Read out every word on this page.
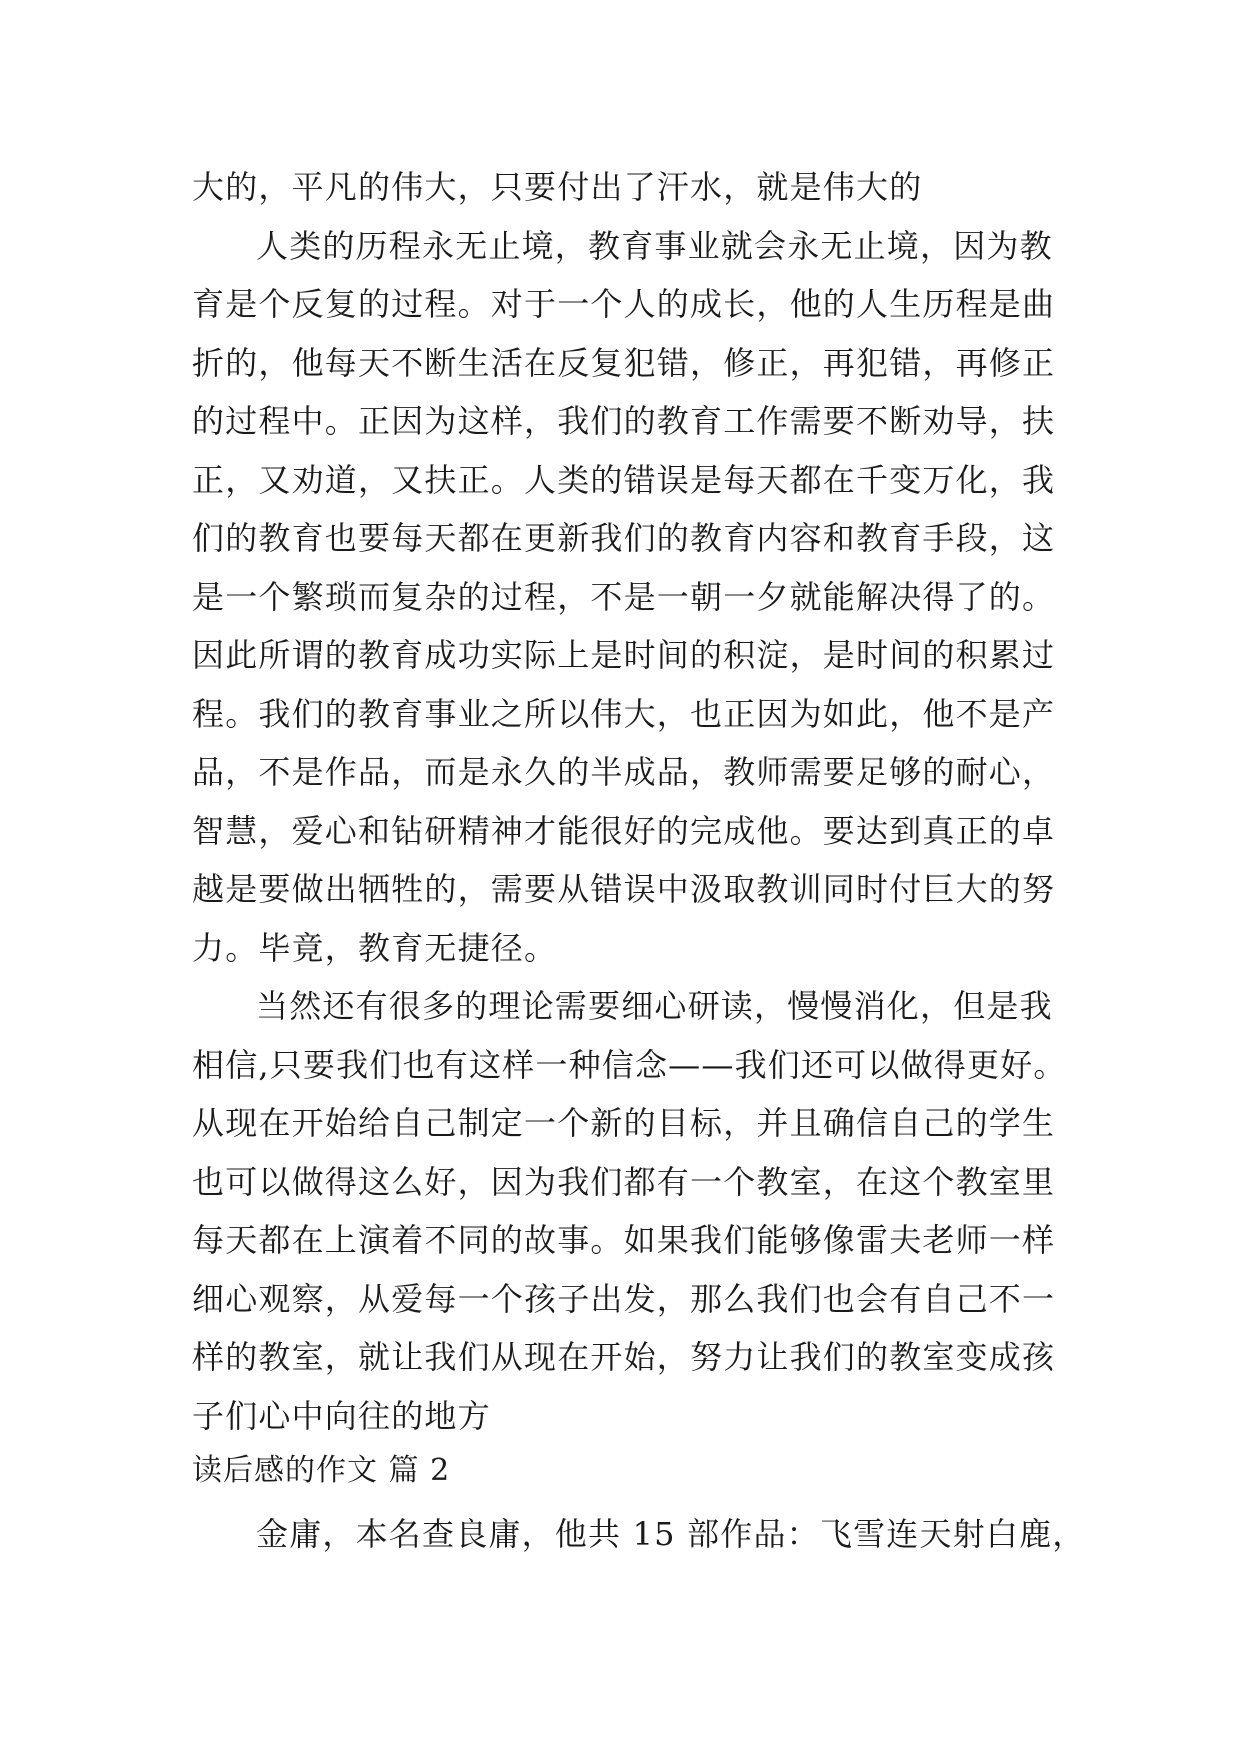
大的，平凡的伟大，只要付出了汗水，就是伟大的
人类的历程永无止境，教育事业就会永无止境，因为教
育是个反复的过程。对于一个人的成长，他的人生历程是曲
折的，他每天不断生活在反复犯错，修正，再犯错，再修正
的过程中。正因为这样，我们的教育工作需要不断劝导，扶
正，又劝道，又扶正。人类的错误是每天都在千变万化，我
们的教育也要每天都在更新我们的教育内容和教育手段，这
是一个繁琐而复杂的过程，不是一朝一夕就能解决得了的。
因此所谓的教育成功实际上是时间的积淀，是时间的积累过
程。我们的教育事业之所以伟大，也正因为如此，他不是产
品，不是作品，而是永久的半成品，教师需要足够的耐心，
智慧，爱心和钻研精神才能很好的完成他。要达到真正的卓
越是要做出牺牲的，需要从错误中汲取教训同时付巨大的努
力。毕竟，教育无捷径。
当然还有很多的理论需要细心研读，慢慢消化，但是我
相信,只要我们也有这样一种信念——我们还可以做得更好。
从现在开始给自己制定一个新的目标，并且确信自己的学生
也可以做得这么好，因为我们都有一个教室，在这个教室里
每天都在上演着不同的故事。如果我们能够像雷夫老师一样
细心观察，从爱每一个孩子出发，那么我们也会有自己不一
样的教室，就让我们从现在开始，努力让我们的教室变成孩
子们心中向往的地方
读后感的作文 篇 2
金庸，本名查良庸，他共 15 部作品：飞雪连天射白鹿，
